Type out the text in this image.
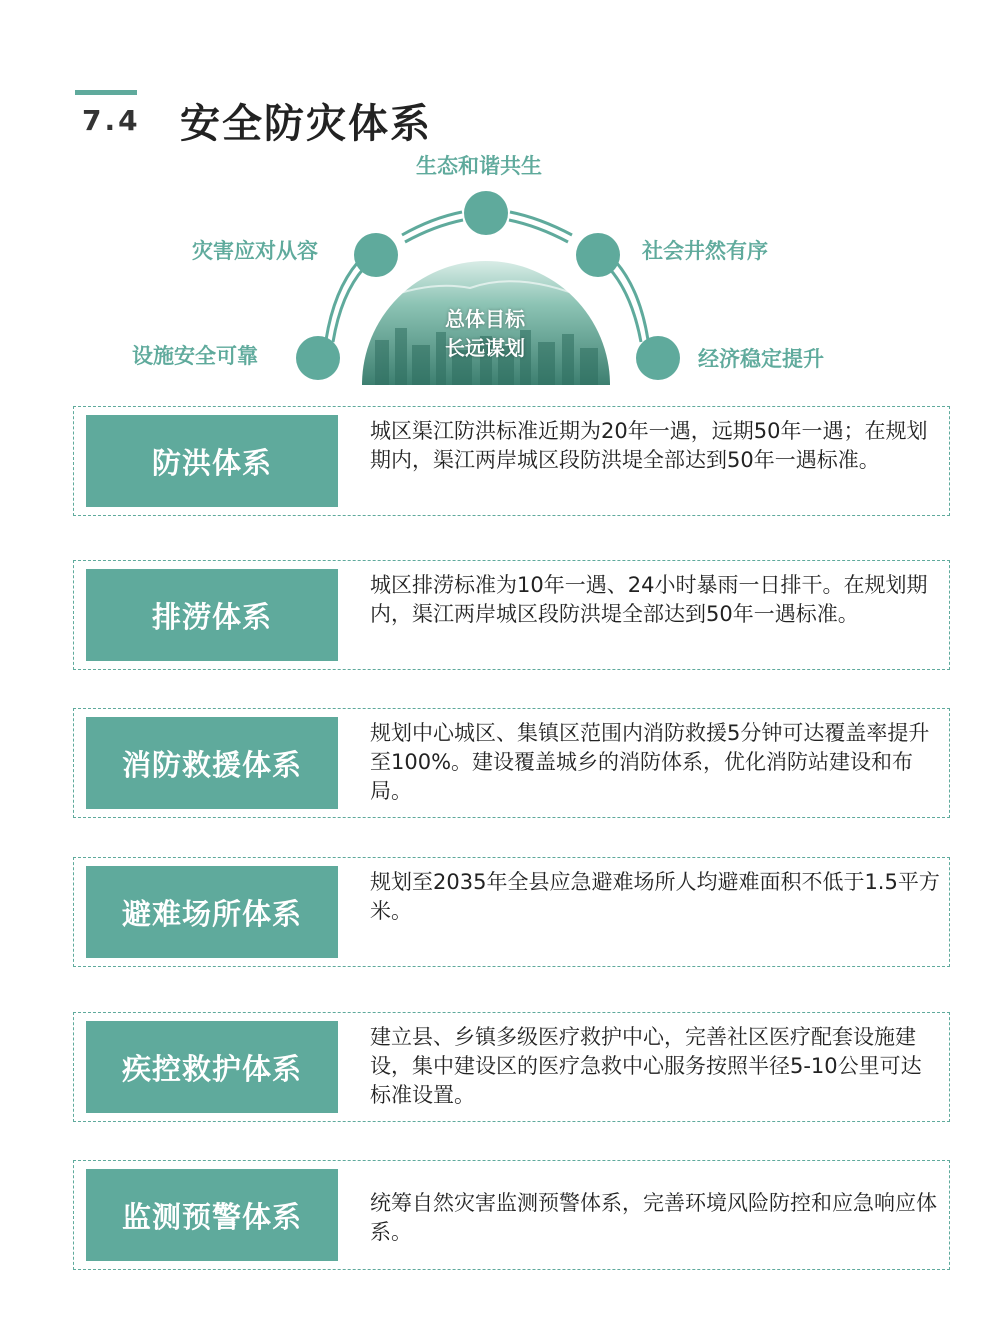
7.4 安全防灾体系
总体目标
长远谋划
设施安全可靠
灾害应对从容
生态和谐共生
社会井然有序
经济稳定提升
防洪体系
城区渠江防洪标准近期为20年一遇，远期50年一遇；在规划期内，渠江两岸城区段防洪堤全部达到50年一遇标准。
排涝体系
城区排涝标准为10年一遇、24小时暴雨一日排干。在规划期内，渠江两岸城区段防洪堤全部达到50年一遇标准。
消防救援体系
规划中心城区、集镇区范围内消防救援5分钟可达覆盖率提升至100%。建设覆盖城乡的消防体系，优化消防站建设和布局。
避难场所体系
规划至2035年全县应急避难场所人均避难面积不低于1.5平方米。
疾控救护体系
建立县、乡镇多级医疗救护中心，完善社区医疗配套设施建设，集中建设区的医疗急救中心服务按照半径5-10公里可达标准设置。
监测预警体系	统筹自然灾害监测预警体系，完善环境风险防控和应急响应体系。
